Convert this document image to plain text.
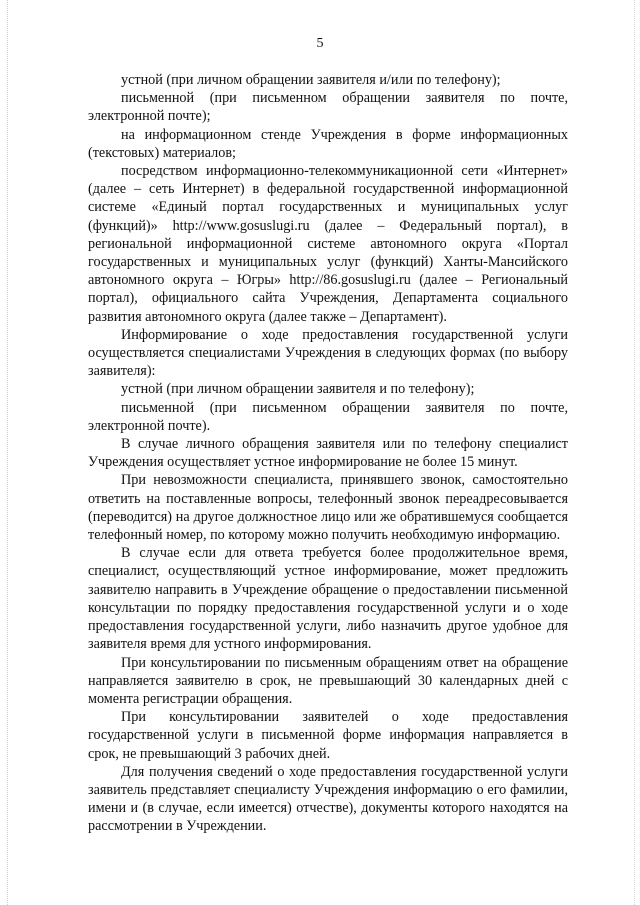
5

устной (при личном обращении заявителя и/или по телефону);

письменной (при письменном обращении заявителя по почте, электронной почте);

на информационном стенде Учреждения в форме информационных (текстовых) материалов;

посредством информационно-телекоммуникационной сети «Интернет» (далее – сеть Интернет) в федеральной государственной информационной системе «Единый портал государственных и муниципальных услуг (функций)» http://www.gosuslugi.ru (далее – Федеральный портал), в региональной информационной системе автономного округа «Портал государственных и муниципальных услуг (функций) Ханты-Мансийского автономного округа – Югры» http://86.gosuslugi.ru (далее – Региональный портал), официального сайта Учреждения, Департамента социального развития автономного округа (далее также – Департамент).

Информирование о ходе предоставления государственной услуги осуществляется специалистами Учреждения в следующих формах (по выбору заявителя):

устной (при личном обращении заявителя и по телефону);

письменной (при письменном обращении заявителя по почте, электронной почте).

В случае личного обращения заявителя или по телефону специалист Учреждения осуществляет устное информирование не более 15 минут.

При невозможности специалиста, принявшего звонок, самостоятельно ответить на поставленные вопросы, телефонный звонок переадресовывается (переводится) на другое должностное лицо или же обратившемуся сообщается телефонный номер, по которому можно получить необходимую информацию.

В случае если для ответа требуется более продолжительное время, специалист, осуществляющий устное информирование, может предложить заявителю направить в Учреждение обращение о предоставлении письменной консультации по порядку предоставления государственной услуги и о ходе предоставления государственной услуги, либо назначить другое удобное для заявителя время для устного информирования.

При консультировании по письменным обращениям ответ на обращение направляется заявителю в срок, не превышающий 30 календарных дней с момента регистрации обращения.

При консультировании заявителей о ходе предоставления государственной услуги в письменной форме информация направляется в срок, не превышающий 3 рабочих дней.

Для получения сведений о ходе предоставления государственной услуги заявитель представляет специалисту Учреждения информацию о его фамилии, имени и (в случае, если имеется) отчестве), документы которого находятся на рассмотрении в Учреждении.
